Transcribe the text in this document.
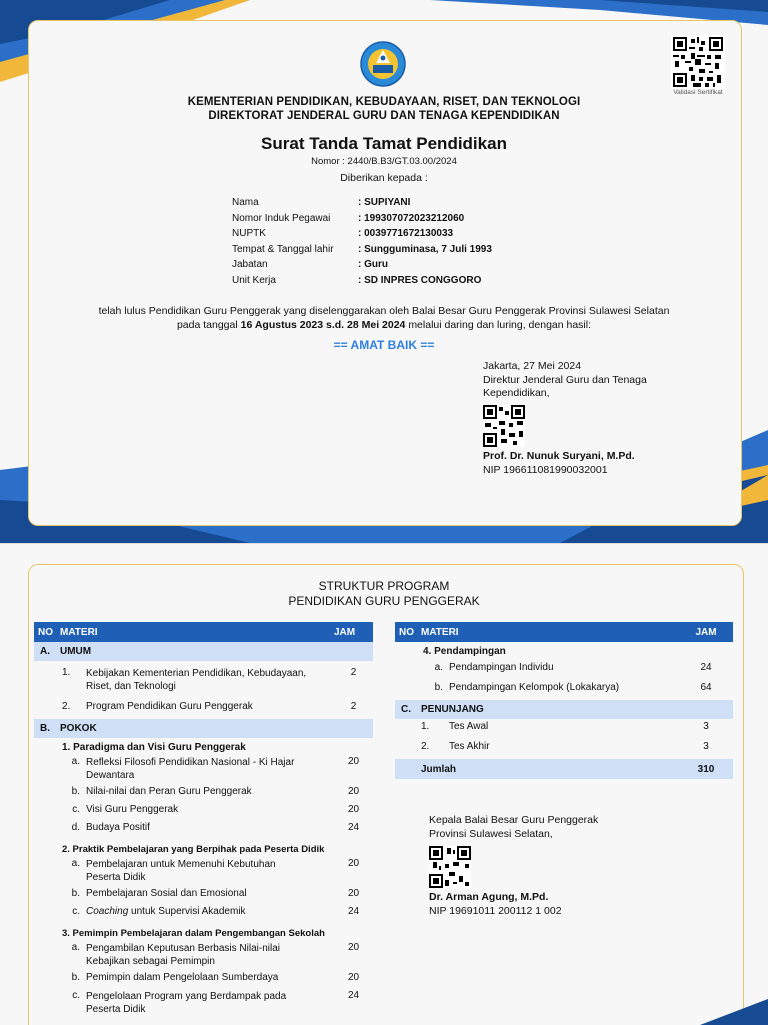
Validasi Sertifikat
KEMENTERIAN PENDIDIKAN, KEBUDAYAAN, RISET, DAN TEKNOLOGI
DIREKTORAT JENDERAL GURU DAN TENAGA KEPENDIDIKAN
Surat Tanda Tamat Pendidikan
Nomor : 2440/B.B3/GT.03.00/2024
Diberikan kepada :
Nama	: SUPIYANI
Nomor Induk Pegawai	: 199307072023212060
NUPTK	: 0039771672130033
Tempat & Tanggal lahir	: Sungguminasa, 7 Juli 1993
Jabatan	: Guru
Unit Kerja	: SD INPRES CONGGORO
telah lulus Pendidikan Guru Penggerak yang diselenggarakan oleh Balai Besar Guru Penggerak Provinsi Sulawesi Selatan
pada tanggal 16 Agustus 2023 s.d. 28 Mei 2024 melalui daring dan luring, dengan hasil:
== AMAT BAIK ==
Jakarta, 27 Mei 2024
Direktur Jenderal Guru dan Tenaga
Kependidikan,
Prof. Dr. Nunuk Suryani, M.Pd.
NIP 196611081990032001
STRUKTUR PROGRAM
PENDIDIKAN GURU PENGGERAK
NO	MATERI		JAM
A.	UMUM		
	1.	Kebijakan Kementerian Pendidikan, Kebudayaan,
Riset, dan Teknologi	2
	2.	Program Pendidikan Guru Penggerak	2
B.	POKOK		
	1. Paradigma dan Visi Guru Penggerak		
	a.	Refleksi Filosofi Pendidikan Nasional - Ki Hajar
Dewantara	20
	b.	Nilai-nilai dan Peran Guru Penggerak	20
	c.	Visi Guru Penggerak	20
	d.	Budaya Positif	24
	2. Praktik Pembelajaran yang Berpihak pada Peserta Didik		
	a.	Pembelajaran untuk Memenuhi Kebutuhan
Peserta Didik	20
	b.	Pembelajaran Sosial dan Emosional	20
	c.	Coaching untuk Supervisi Akademik	24
	3. Pemimpin Pembelajaran dalam Pengembangan Sekolah		
	a.	Pengambilan Keputusan Berbasis Nilai-nilai
Kebajikan sebagai Pemimpin	20
	b.	Pemimpin dalam Pengelolaan Sumberdaya	20
	c.	Pengelolaan Program yang Berdampak pada
Peserta Didik	24
NO	MATERI		JAM
	4. Pendampingan		
	a.	Pendampingan Individu	24
	b.	Pendampingan Kelompok (Lokakarya)	64
C.	PENUNJANG		
	1.	Tes Awal	3
	2.	Tes Akhir	3
	Jumlah		310
Kepala Balai Besar Guru Penggerak
Provinsi Sulawesi Selatan,
Dr. Arman Agung, M.Pd.
NIP 19691011 200112 1 002
